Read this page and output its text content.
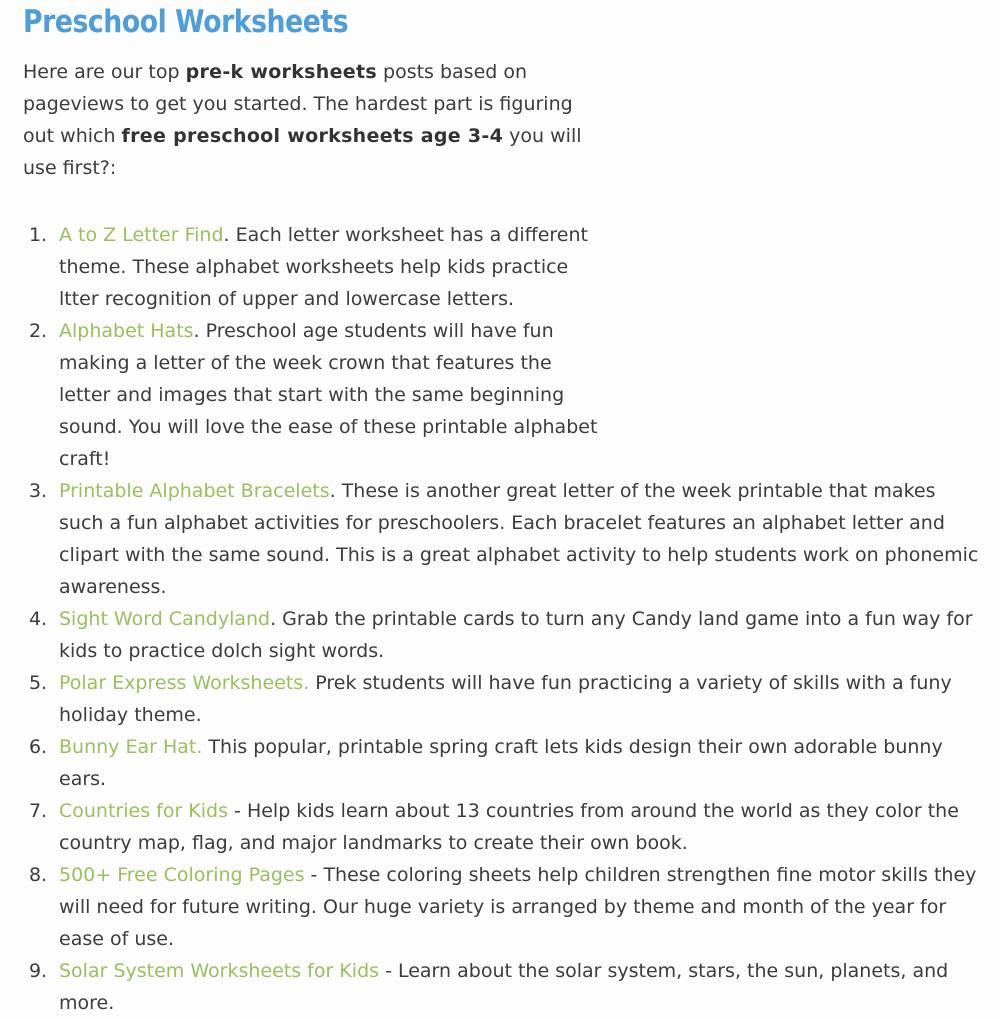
Preschool Worksheets

Here are our top pre-k worksheets posts based on pageviews to get you started. The hardest part is figuring out which free preschool worksheets age 3-4 you will use first?:

1. A to Z Letter Find. Each letter worksheet has a different theme. These alphabet worksheets help kids practice ltter recognition of upper and lowercase letters.
2. Alphabet Hats. Preschool age students will have fun making a letter of the week crown that features the letter and images that start with the same beginning sound. You will love the ease of these printable alphabet craft!
3. Printable Alphabet Bracelets. These is another great letter of the week printable that makes such a fun alphabet activities for preschoolers. Each bracelet features an alphabet letter and clipart with the same sound. This is a great alphabet activity to help students work on phonemic awareness.
4. Sight Word Candyland. Grab the printable cards to turn any Candy land game into a fun way for kids to practice dolch sight words.
5. Polar Express Worksheets. Prek students will have fun practicing a variety of skills with a funy holiday theme.
6. Bunny Ear Hat. This popular, printable spring craft lets kids design their own adorable bunny ears.
7. Countries for Kids - Help kids learn about 13 countries from around the world as they color the country map, flag, and major landmarks to create their own book.
8. 500+ Free Coloring Pages - These coloring sheets help children strengthen fine motor skills they will need for future writing. Our huge variety is arranged by theme and month of the year for ease of use.
9. Solar System Worksheets for Kids - Learn about the solar system, stars, the sun, planets, and more.
